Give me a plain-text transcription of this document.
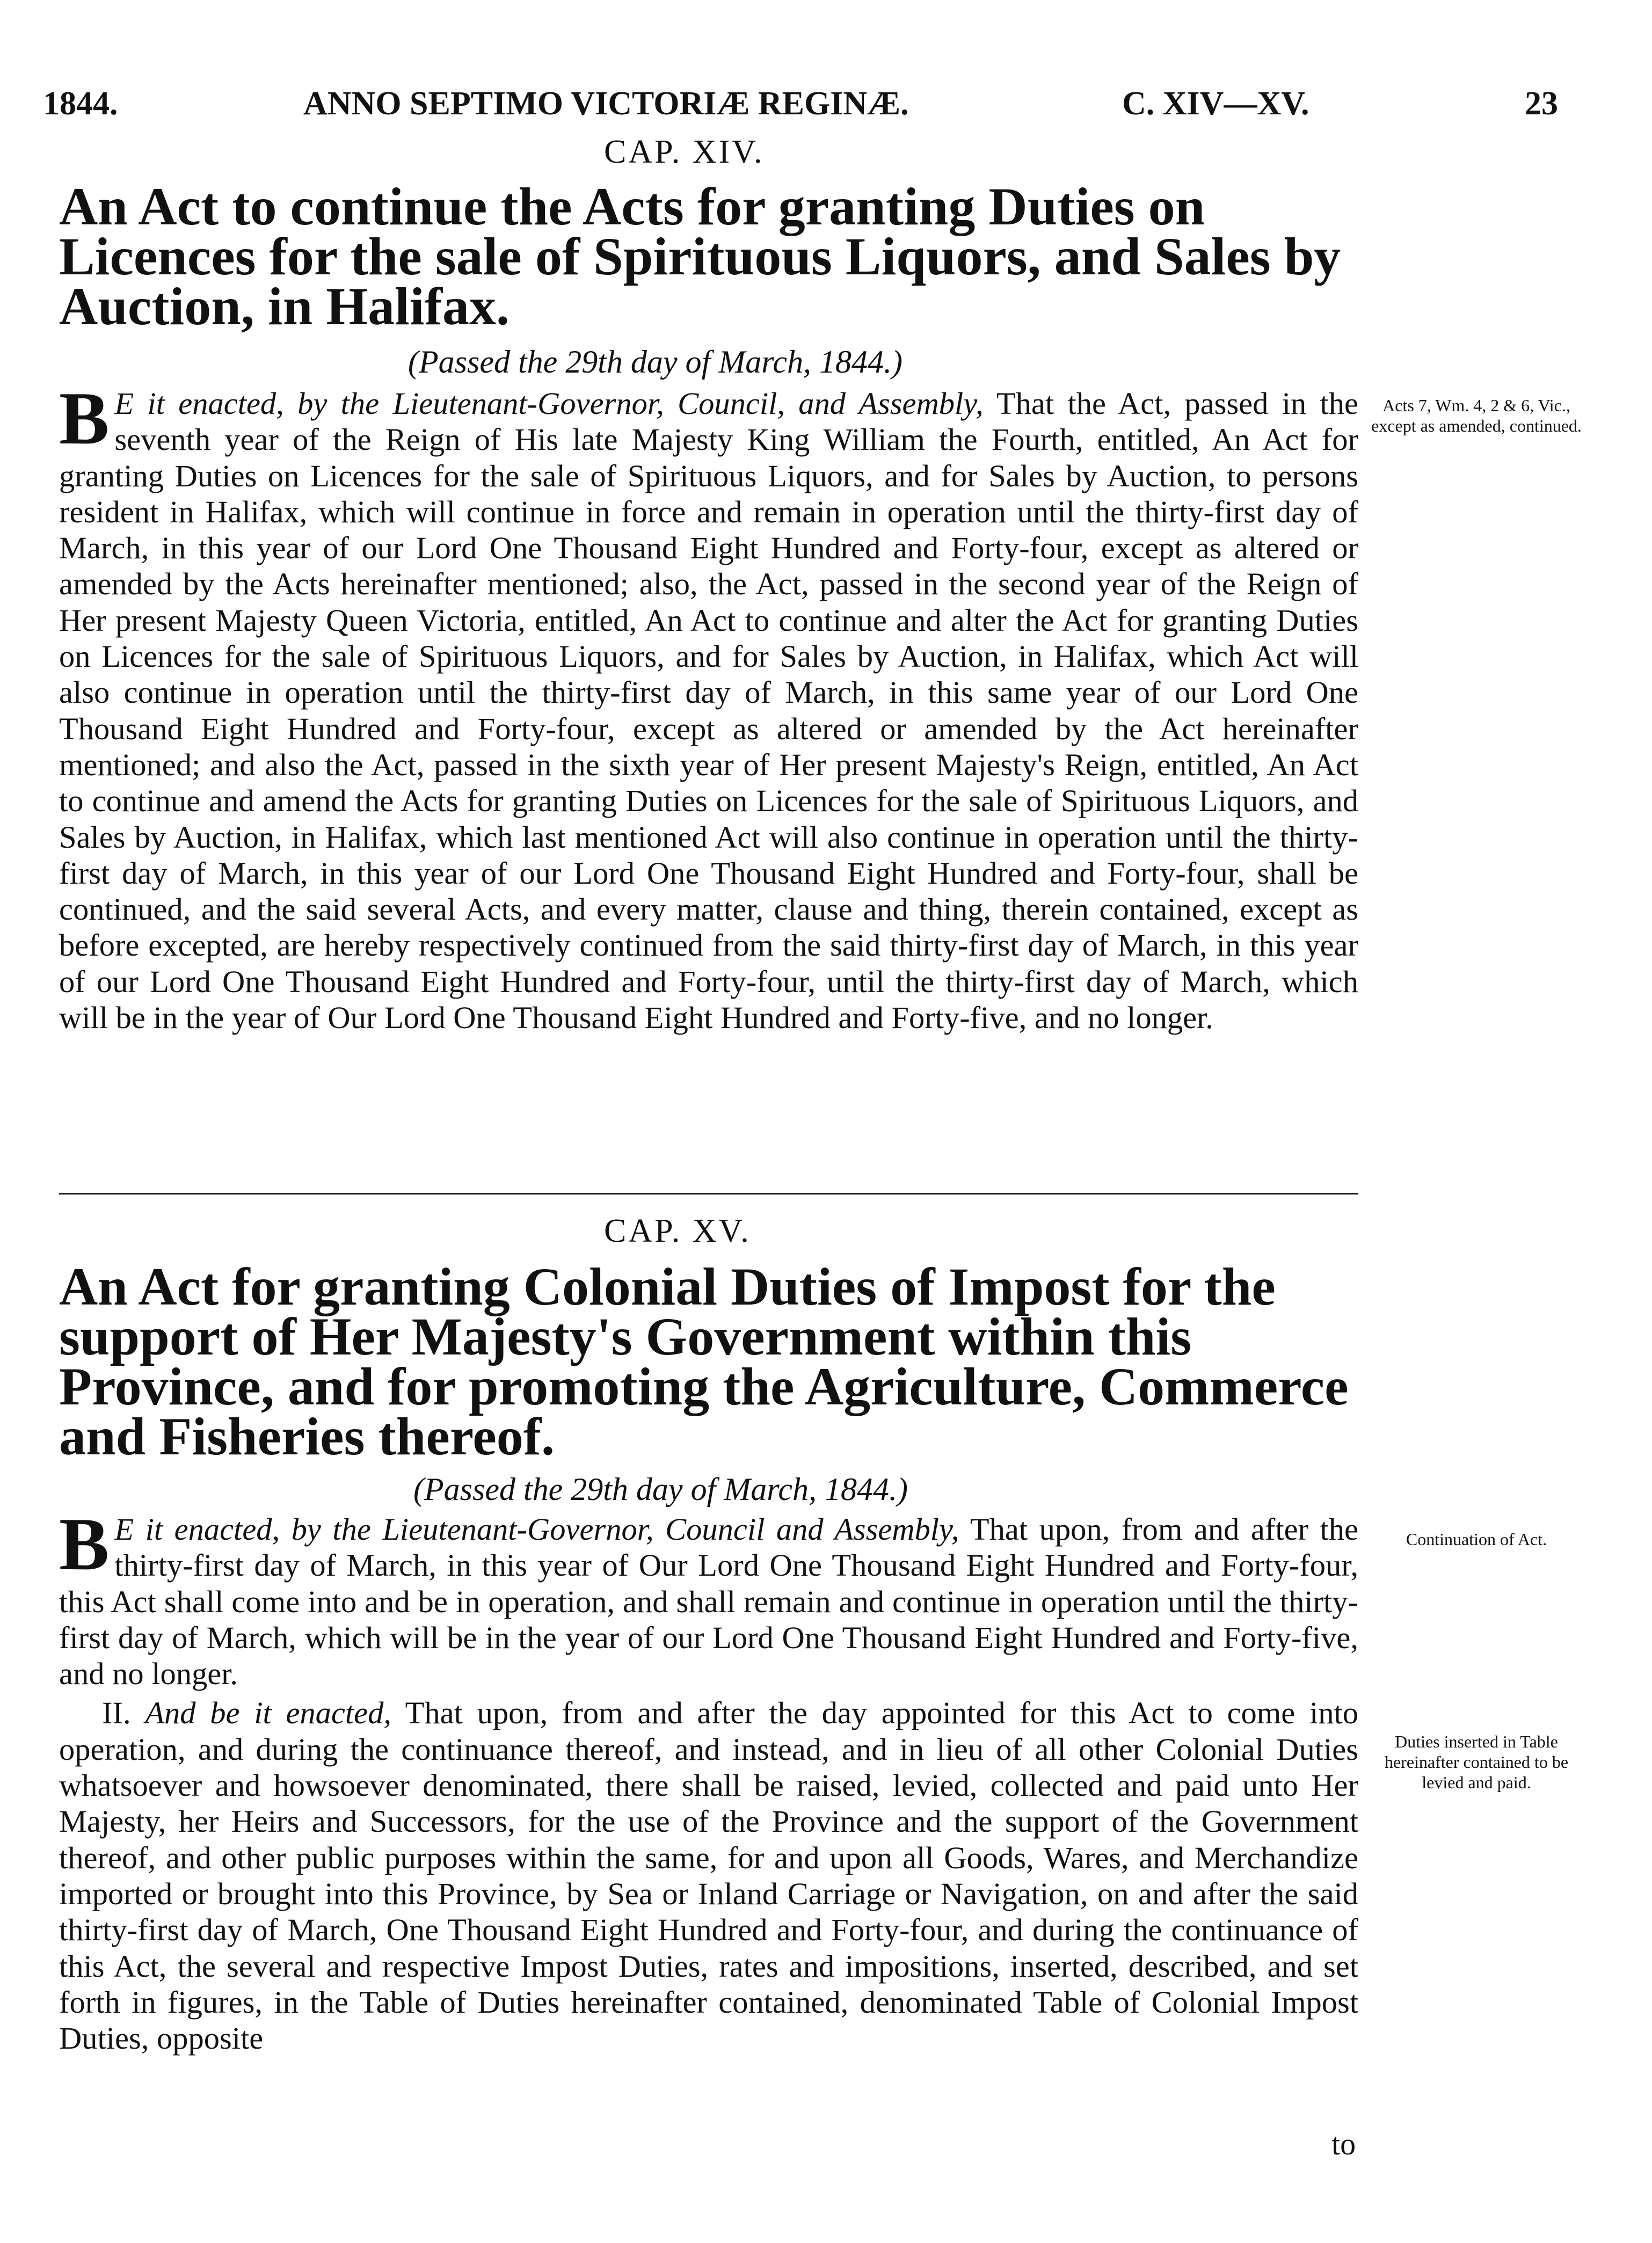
1844.	ANNO SEPTIMO VICTORIÆ REGINÆ.	C. XIV—XV.	23
CAP. XIV.
An Act to continue the Acts for granting Duties on Licences for the sale of Spirituous Liquors, and Sales by Auction, in Halifax.
(Passed the 29th day of March, 1844.)

B E it enacted, by the Lieutenant-Governor, Council, and Assembly, That the Act, passed in the seventh year of the Reign of His late Majesty King William the Fourth, entitled, An Act for granting Duties on Licences for the sale of Spirituous Liquors, and for Sales by Auction, to persons resident in Halifax, which will continue in force and remain in operation until the thirty-first day of March, in this year of our Lord One Thousand Eight Hundred and Forty-four, except as altered or amended by the Acts hereinafter mentioned; also, the Act, passed in the second year of the Reign of Her present Majesty Queen Victoria, entitled, An Act to continue and alter the Act for granting Duties on Licences for the sale of Spirituous Liquors, and for Sales by Auction, in Halifax, which Act will also continue in operation until the thirty-first day of March, in this same year of our Lord One Thousand Eight Hundred and Forty-four, except as altered or amended by the Act hereinafter mentioned; and also the Act, passed in the sixth year of Her present Majesty's Reign, entitled, An Act to continue and amend the Acts for granting Duties on Licences for the sale of Spirituous Liquors, and Sales by Auction, in Halifax, which last mentioned Act will also continue in operation until the thirty-first day of March, in this year of our Lord One Thousand Eight Hundred and Forty-four, shall be continued, and the said several Acts, and every matter, clause and thing, therein contained, except as before excepted, are hereby respectively continued from the said thirty-first day of March, in this year of our Lord One Thousand Eight Hundred and Forty-four, until the thirty-first day of March, which will be in the year of Our Lord One Thousand Eight Hundred and Forty-five, and no longer.

Acts 7, Wm. 4, 2 & 6, Vic., except as amended, continued.
CAP. XV.
An Act for granting Colonial Duties of Impost for the support of Her Majesty's Government within this Province, and for promoting the Agriculture, Commerce and Fisheries thereof.
(Passed the 29th day of March, 1844.)

B E it enacted, by the Lieutenant-Governor, Council and Assembly, That upon, from and after the thirty-first day of March, in this year of Our Lord One Thousand Eight Hundred and Forty-four, this Act shall come into and be in operation, and shall remain and continue in operation until the thirty-first day of March, which will be in the year of our Lord One Thousand Eight Hundred and Forty-five, and no longer.

II. And be it enacted, That upon, from and after the day appointed for this Act to come into operation, and during the continuance thereof, and instead, and in lieu of all other Colonial Duties whatsoever and howsoever denominated, there shall be raised, levied, collected and paid unto Her Majesty, her Heirs and Successors, for the use of the Province and the support of the Government thereof, and other public purposes within the same, for and upon all Goods, Wares, and Merchandize imported or brought into this Province, by Sea or Inland Carriage or Navigation, on and after the said thirty-first day of March, One Thousand Eight Hundred and Forty-four, and during the continuance of this Act, the several and respective Impost Duties, rates and impositions, inserted, described, and set forth in figures, in the Table of Duties hereinafter contained, denominated Table of Colonial Impost Duties, opposite

Continuation of Act.
Duties inserted in Table hereinafter contained to be levied and paid.
to
